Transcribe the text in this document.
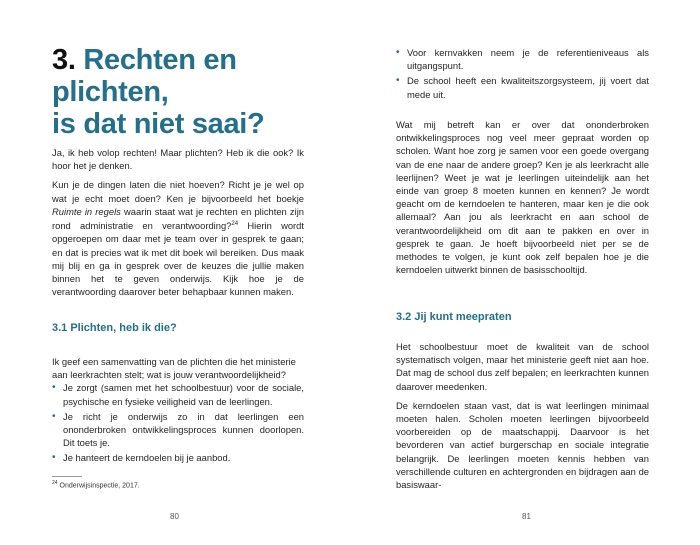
3. Rechten en plichten,
is dat niet saai?

Ja, ik heb volop rechten! Maar plichten? Heb ik die ook? Ik hoor het je denken.

Kun je de dingen laten die niet hoeven? Richt je je wel op wat je echt moet doen? Ken je bijvoorbeeld het boekje Ruimte in regels waarin staat wat je rechten en plichten zijn rond administratie en verantwoording?$^{24}$ Hierin wordt opgeroepen om daar met je team over in gesprek te gaan; en dat is precies wat ik met dit boek wil bereiken. Dus maak mij blij en ga in gesprek over de keuzes die jullie maken binnen het te geven onderwijs. Kijk hoe je de verantwoording daarover beter behapbaar kunnen maken.

3.1 Plichten, heb ik die?

Ik geef een samenvatting van de plichten die het ministerie aan leerkrachten stelt; wat is jouw verantwoordelijkheid?

• Je zorgt (samen met het schoolbestuur) voor de sociale, psychische en fysieke veiligheid van de leerlingen.
• Je richt je onderwijs zo in dat leerlingen een ononderbroken ontwikkelingsproces kunnen doorlopen. Dit toets je.
• Je hanteert de kerndoelen bij je aanbod.
$^{24}$ Onderwijsinspectie, 2017.
80
• Voor kernvakken neem je de referentieniveaus als uitgangspunt.
• De school heeft een kwaliteitszorgsysteem, jij voert dat mede uit.

Wat mij betreft kan er over dat ononderbroken ontwikkelingsproces nog veel meer gepraat worden op scholen. Want hoe zorg je samen voor een goede overgang van de ene naar de andere groep? Ken je als leerkracht alle leerlijnen? Weet je wat je leerlingen uiteindelijk aan het einde van groep 8 moeten kunnen en kennen? Je wordt geacht om de kerndoelen te hanteren, maar ken je die ook allemaal? Aan jou als leerkracht en aan school de verantwoordelijkheid om dit aan te pakken en over in gesprek te gaan. Je hoeft bijvoorbeeld niet per se de methodes te volgen, je kunt ook zelf bepalen hoe je die kerndoelen uitwerkt binnen de basisschooltijd.

3.2 Jij kunt meepraten

Het schoolbestuur moet de kwaliteit van de school systematisch volgen, maar het ministerie geeft niet aan hoe. Dat mag de school dus zelf bepalen; en leerkrachten kunnen daarover meedenken.

De kerndoelen staan vast, dat is wat leerlingen minimaal moeten halen. Scholen moeten leerlingen bijvoorbeeld voorbereiden op de maatschappij. Daarvoor is het bevorderen van actief burgerschap en sociale integratie belangrijk. De leerlingen moeten kennis hebben van verschillende culturen en achtergronden en bijdragen aan de basiswaar-

81
